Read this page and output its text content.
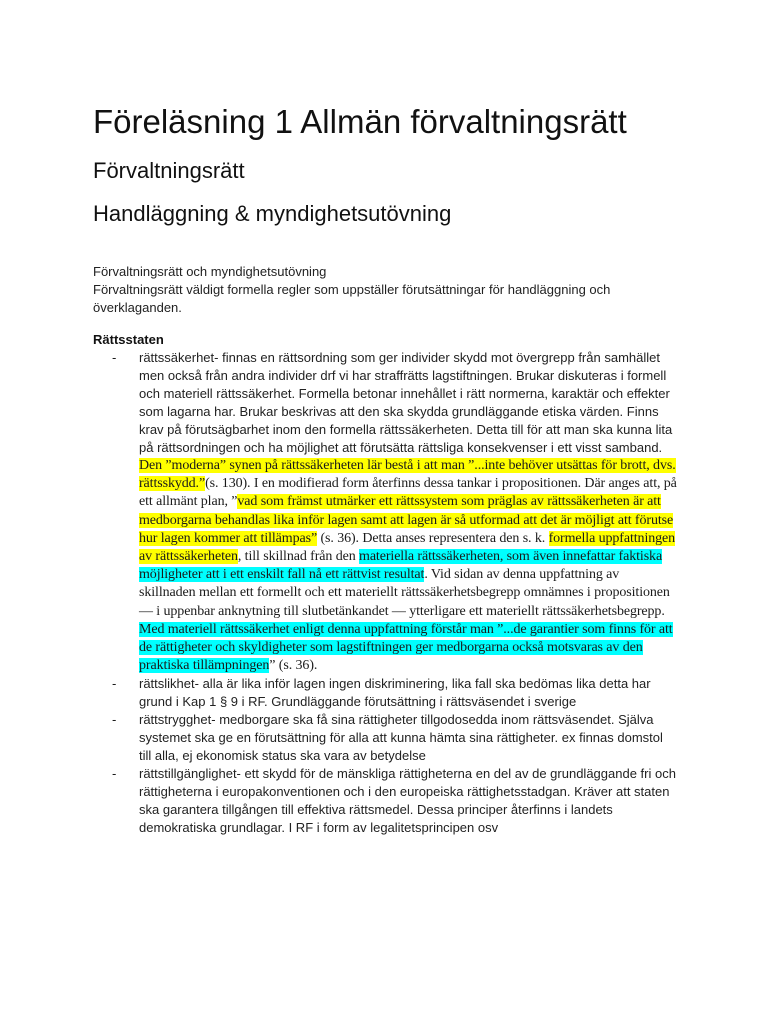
Föreläsning 1 Allmän förvaltningsrätt
Förvaltningsrätt
Handläggning & myndighetsutövning

Förvaltningsrätt och myndighetsutövning

Förvaltningsrätt väldigt formella regler som uppställer förutsättningar för handläggning och överklaganden.

Rättsstaten

- rättssäkerhet- finnas en rättsordning som ger individer skydd mot övergrepp från samhället men också från andra individer drf vi har straffrätts lagstiftningen. Brukar diskuteras i formell och materiell rättssäkerhet. Formella betonar innehållet i rätt normerna, karaktär och effekter som lagarna har. Brukar beskrivas att den ska skydda grundläggande etiska värden. Finns krav på förutsägbarhet inom den formella rättssäkerheten. Detta till för att man ska kunna lita på rättsordningen och ha möjlighet att förutsätta rättsliga konsekvenser i ett visst samband.

Den ”moderna” synen på rättssäkerheten lär bestå i att man ”...inte behöver utsättas för brott, dvs. rättsskydd.”(s. 130). I en modifierad form återfinns dessa tankar i propositionen. Där anges att, på ett allmänt plan, ”vad som främst utmärker ett rättssystem som präglas av rättssäkerheten är att medborgarna behandlas lika inför lagen samt att lagen är så utformad att det är möjligt att förutse hur lagen kommer att tillämpas” (s. 36). Detta anses representera den s. k. formella uppfattningen av rättssäkerheten, till skillnad från den materiella rättssäkerheten, som även innefattar faktiska möjligheter att i ett enskilt fall nå ett rättvist resultat. Vid sidan av denna uppfattning av skillnaden mellan ett formellt och ett materiellt rättssäkerhetsbegrepp omnämnes i propositionen — i uppenbar anknytning till slutbetänkandet — ytterligare ett materiellt rättssäkerhetsbegrepp. Med materiell rättssäkerhet enligt denna uppfattning förstår man ”...de garantier som finns för att de rättigheter och skyldigheter som lagstiftningen ger medborgarna också motsvaras av den praktiska tillämpningen” (s. 36).

- rättslikhet- alla är lika inför lagen ingen diskriminering, lika fall ska bedömas lika detta har grund i Kap 1 § 9 i RF. Grundläggande förutsättning i rättsväsendet i sverige

- rättstrygghet- medborgare ska få sina rättigheter tillgodosedda inom rättsväsendet. Själva systemet ska ge en förutsättning för alla att kunna hämta sina rättigheter. ex finnas domstol till alla, ej ekonomisk status ska vara av betydelse

- rättstillgänglighet- ett skydd för de mänskliga rättigheterna en del av de grundläggande fri och rättigheterna i europakonventionen och i den europeiska rättighetsstadgan. Kräver att staten ska garantera tillgången till effektiva rättsmedel. Dessa principer återfinns i landets demokratiska grundlagar. I RF i form av legalitetsprincipen osv
